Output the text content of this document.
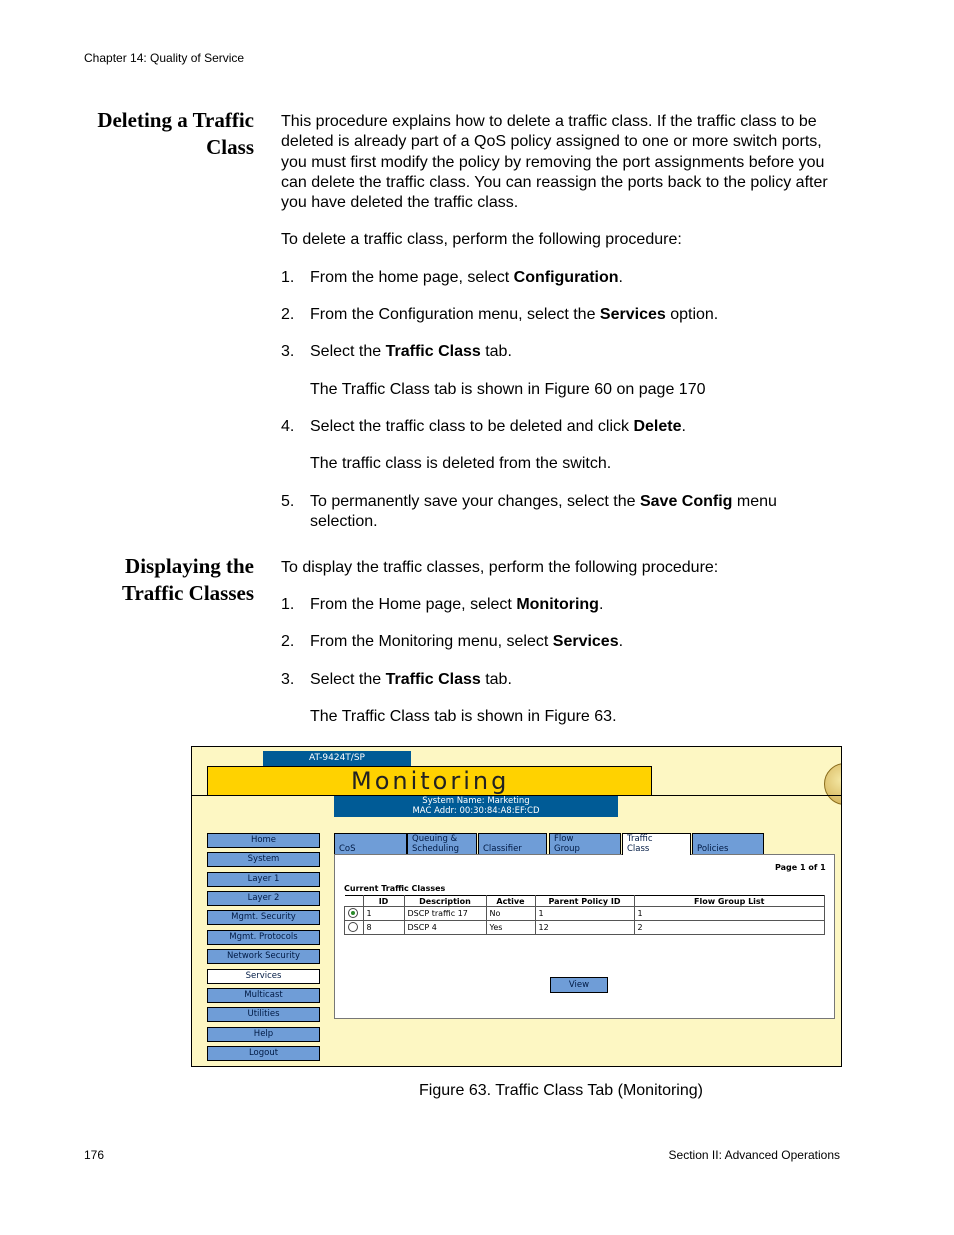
Chapter 14: Quality of Service
Deleting a Traffic
Class
This procedure explains how to delete a traffic class. If the traffic class to be deleted is already part of a QoS policy assigned to one or more switch ports, you must first modify the policy by removing the port assignments before you can delete the traffic class. You can reassign the ports back to the policy after you have deleted the traffic class.
To delete a traffic class, perform the following procedure:
1. From the home page, select Configuration.
2. From the Configuration menu, select the Services option.
3. Select the Traffic Class tab.
The Traffic Class tab is shown in Figure 60 on page 170
4. Select the traffic class to be deleted and click Delete.
The traffic class is deleted from the switch.
5. To permanently save your changes, select the Save Config menu selection.
Displaying the
Traffic Classes
To display the traffic classes, perform the following procedure:
1. From the Home page, select Monitoring.
2. From the Monitoring menu, select Services.
3. Select the Traffic Class tab.
The Traffic Class tab is shown in Figure 63.
AT-9424T/SP
Monitoring
System Name: Marketing
MAC Addr: 00:30:84:A8:EF:CD
Home
System
Layer 1
Layer 2
Mgmt. Security
Mgmt. Protocols
Network Security
Services
Multicast
Utilities
Help
Logout
CoS
Queuing &
Scheduling	Classifier
Flow
Group
Traffic
Class	Policies
Page 1 of 1
Current Traffic Classes
	ID	Description	Active	Parent Policy ID	Flow Group List
	1	DSCP traffic 17	No	1	1
	8	DSCP 4	Yes	12	2
View
Figure 63. Traffic Class Tab (Monitoring)
176	Section II: Advanced Operations
